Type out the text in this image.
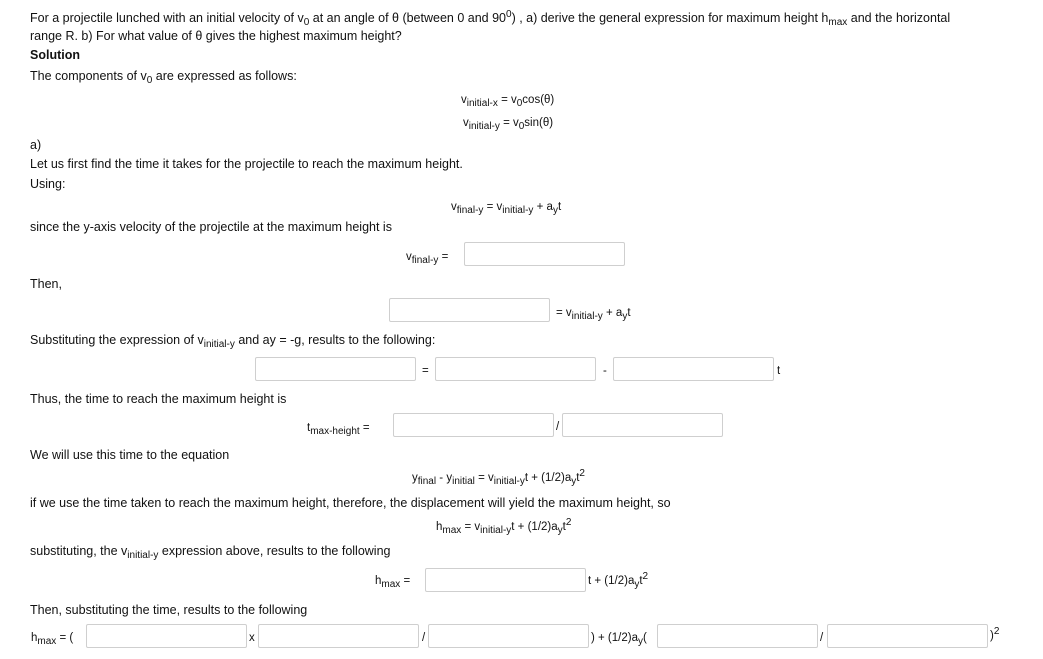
For a projectile lunched with an initial velocity of $v_0$ at an angle of θ (between 0 and $90^0$) , a) derive the general expression for maximum height $h_{max}$ and the horizontal
range R. b) For what value of θ gives the highest maximum height?
Solution
The components of $v_0$ are expressed as follows:
$v_{initial-x} = v_0\cos(\theta)$
$v_{initial-y} = v_0\sin(\theta)$
a)
Let us first find the time it takes for the projectile to reach the maximum height.
Using:
$v_{final-y} = v_{initial-y} + a_yt$
since the y-axis velocity of the projectile at the maximum height is
$v_{final-y}$ =
Then,
= $v_{initial-y} + a_yt$
Substituting the expression of $v_{initial-y}$ and ay = -g, results to the following:
=	-	t
Thus, the time to reach the maximum height is
$t_{max-height}$ =	/
We will use this time to the equation
$y_{final} - y_{initial} = v_{initial-y}t + (1/2)a_yt^2$
if we use the time taken to reach the maximum height, therefore, the displacement will yield the maximum height, so
$h_{max} = v_{initial-y}t + (1/2)a_yt^2$
substituting, the $v_{initial-y}$ expression above, results to the following
$h_{max}$ =	$t + (1/2)a_yt^2$
Then, substituting the time, results to the following
$h_{max}$ = (	x	/	) + $(1/2)a_y$(	/	)$^2$
